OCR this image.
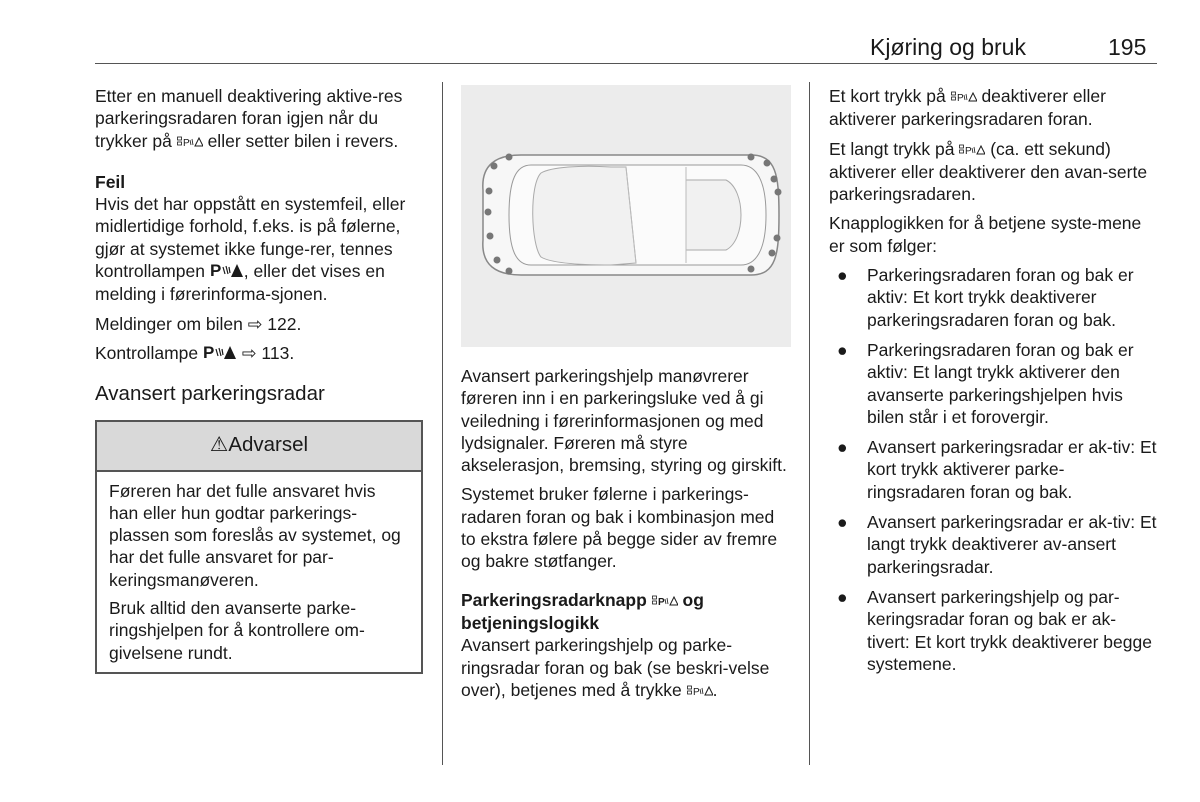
Kjøring og bruk	195

Etter en manuell deaktivering aktive-res parkeringsradaren foran igjen når du trykker på P eller setter bilen i revers.

Feil

Hvis det har oppstått en systemfeil, eller midlertidige forhold, f.eks. is på følerne, gjør at systemet ikke funge-rer, tennes kontrollampen P , eller det vises en melding i førerinforma-sjonen.

Meldinger om bilen ⇨ 122.

Kontrollampe P ⇨ 113.

Avansert parkeringsradar
⚠ Advarsel

Føreren har det fulle ansvaret hvis han eller hun godtar parkerings-plassen som foreslås av systemet, og har det fulle ansvaret for par-keringsmanøveren.

Bruk alltid den avanserte parke-ringshjelpen for å kontrollere om-givelsene rundt.

Avansert parkeringshjelp manøvrerer føreren inn i en parkeringsluke ved å gi veiledning i førerinformasjonen og med lydsignaler. Føreren må styre akselerasjon, bremsing, styring og girskift.

Systemet bruker følerne i parkerings-radaren foran og bak i kombinasjon med to ekstra følere på begge sider av fremre og bakre støtfanger.

Parkeringsradarknapp P og betjeningslogikk

Avansert parkeringshjelp og parke-ringsradar foran og bak (se beskri-velse over), betjenes med å trykke P .

Et kort trykk på P deaktiverer eller aktiverer parkeringsradaren foran.

Et langt trykk på P (ca. ett sekund) aktiverer eller deaktiverer den avan-serte parkeringsradaren.

Knapplogikken for å betjene syste-mene er som følger:

● Parkeringsradaren foran og bak er aktiv: Et kort trykk deaktiverer parkeringsradaren foran og bak.
● Parkeringsradaren foran og bak er aktiv: Et langt trykk aktiverer den avanserte parkeringshjelpen hvis bilen står i et forovergir.
● Avansert parkeringsradar er ak-tiv: Et kort trykk aktiverer parke-ringsradaren foran og bak.
● Avansert parkeringsradar er ak-tiv: Et langt trykk deaktiverer av-ansert parkeringsradar.
● Avansert parkeringshjelp og par-keringsradar foran og bak er ak-tivert: Et kort trykk deaktiverer begge systemene.
